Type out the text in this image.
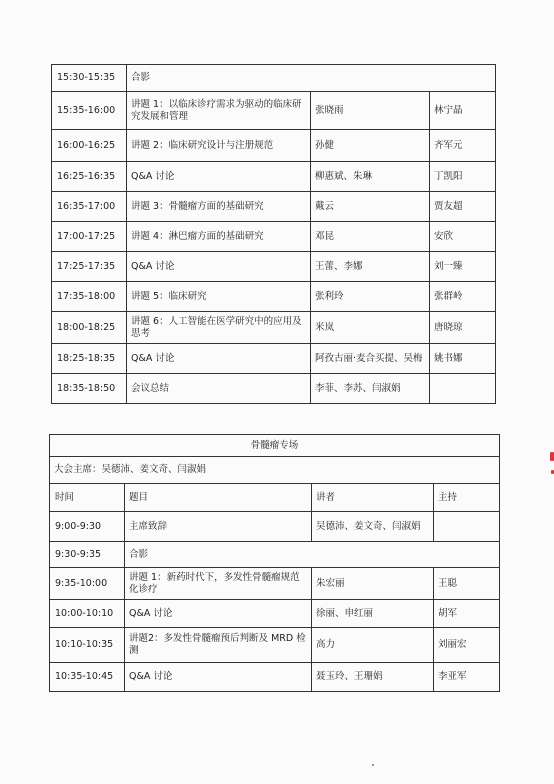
15:30-15:35	合影		
15:35-16:00	讲题 1：以临床诊疗需求为驱动的临床研究发展和管理	张晓雨	林宁晶
16:00-16:25	讲题 2：临床研究设计与注册规范	孙健	齐军元
16:25-16:35	Q&A 讨论	柳惠斌、朱琳	丁凯阳
16:35-17:00	讲题 3：骨髓瘤方面的基础研究	戴云	贾友超
17:00-17:25	讲题 4：淋巴瘤方面的基础研究	邓昆	安欣
17:25-17:35	Q&A 讨论	王蕾、李娜	刘一臻
17:35-18:00	讲题 5：临床研究	张利玲	张群岭
18:00-18:25	讲题 6：人工智能在医学研究中的应用及思考	米岚	唐晓琼
18:25-18:35	Q&A 讨论	阿孜古丽·麦合买提、吴梅	姚书娜
18:35-18:50	会议总结	李菲、李苏、闫淑娟	
骨髓瘤专场			
大会主席：吴德沛、姜文奇、闫淑娟			
时间	题目	讲者	主持
9:00-9:30	主席致辞	吴德沛、姜文奇、闫淑娟	
9:30-9:35	合影		
9:35-10:00	讲题 1：新药时代下，多发性骨髓瘤规范化诊疗	朱宏丽	王聪
10:00-10:10	Q&A 讨论	徐丽、申红丽	胡军
10:10-10:35	讲题2：多发性骨髓瘤预后判断及 MRD 检测	高力	刘丽宏
10:35-10:45	Q&A 讨论	聂玉玲、王珊娟	李亚军
